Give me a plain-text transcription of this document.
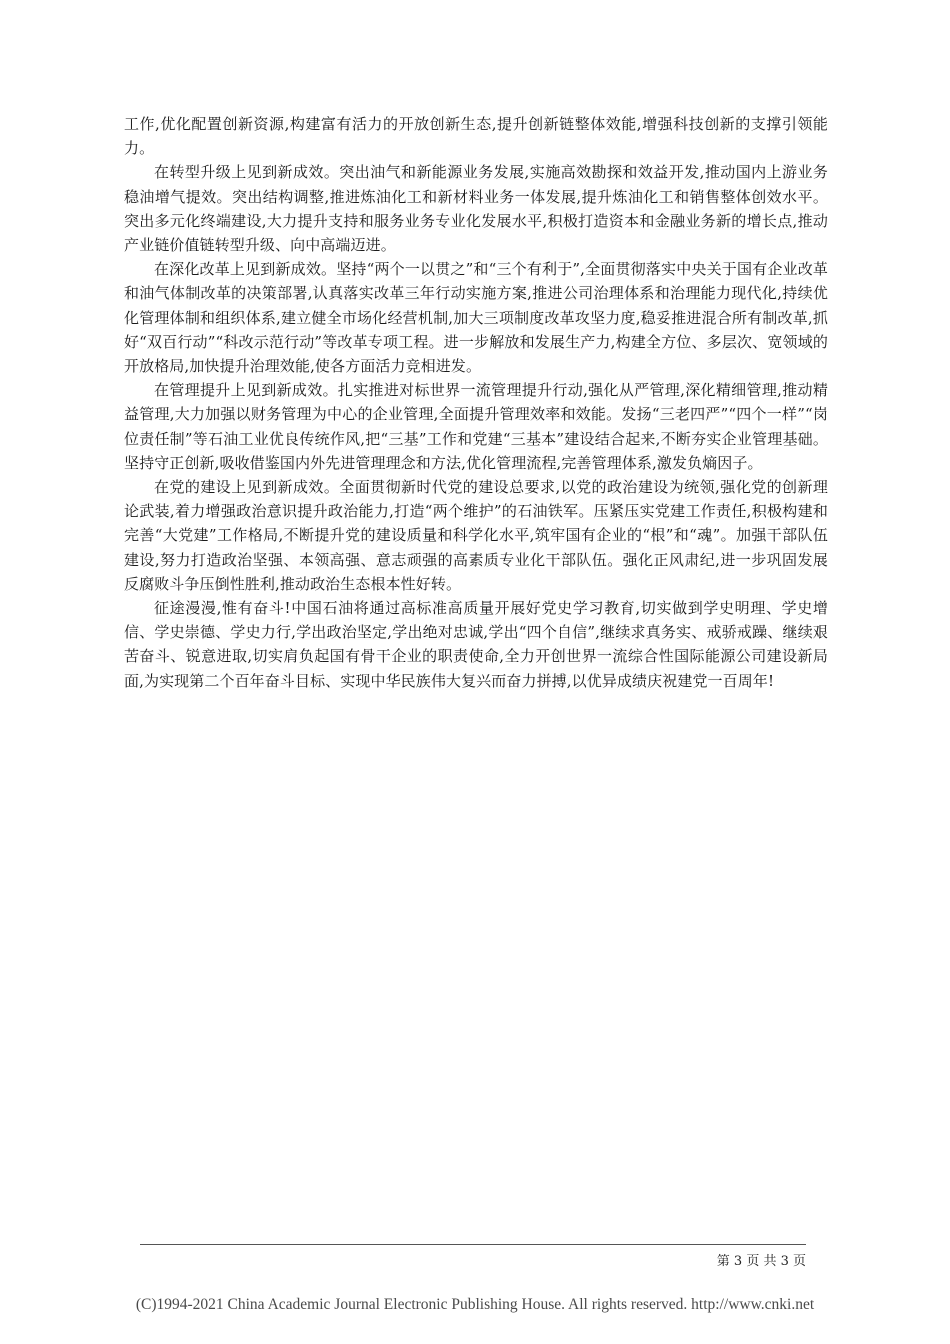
工作,优化配置创新资源,构建富有活力的开放创新生态,提升创新链整体效能,增强科技创新的支撑引领能力。

在转型升级上见到新成效。突出油气和新能源业务发展,实施高效勘探和效益开发,推动国内上游业务稳油增气提效。突出结构调整,推进炼油化工和新材料业务一体发展,提升炼油化工和销售整体创效水平。突出多元化终端建设,大力提升支持和服务业务专业化发展水平,积极打造资本和金融业务新的增长点,推动产业链价值链转型升级、向中高端迈进。

在深化改革上见到新成效。坚持“两个一以贯之”和“三个有利于”,全面贯彻落实中央关于国有企业改革和油气体制改革的决策部署,认真落实改革三年行动实施方案,推进公司治理体系和治理能力现代化,持续优化管理体制和组织体系,建立健全市场化经营机制,加大三项制度改革攻坚力度,稳妥推进混合所有制改革,抓好“双百行动”“科改示范行动”等改革专项工程。进一步解放和发展生产力,构建全方位、多层次、宽领域的开放格局,加快提升治理效能,使各方面活力竞相进发。

在管理提升上见到新成效。扎实推进对标世界一流管理提升行动,强化从严管理,深化精细管理,推动精益管理,大力加强以财务管理为中心的企业管理,全面提升管理效率和效能。发扬“三老四严”“四个一样”“岗位责任制”等石油工业优良传统作风,把“三基”工作和党建“三基本”建设结合起来,不断夯实企业管理基础。坚持守正创新,吸收借鉴国内外先进管理理念和方法,优化管理流程,完善管理体系,激发负熵因子。

在党的建设上见到新成效。全面贯彻新时代党的建设总要求,以党的政治建设为统领,强化党的创新理论武装,着力增强政治意识提升政治能力,打造“两个维护”的石油铁军。压紧压实党建工作责任,积极构建和完善“大党建”工作格局,不断提升党的建设质量和科学化水平,筑牢国有企业的“根”和“魂”。加强干部队伍建设,努力打造政治坚强、本领高强、意志顽强的高素质专业化干部队伍。强化正风肃纪,进一步巩固发展反腐败斗争压倒性胜利,推动政治生态根本性好转。

征途漫漫,惟有奋斗!中国石油将通过高标准高质量开展好党史学习教育,切实做到学史明理、学史增信、学史崇德、学史力行,学出政治坚定,学出绝对忠诚,学出“四个自信”,继续求真务实、戒骄戒躁、继续艰苦奋斗、锐意进取,切实肩负起国有骨干企业的职责使命,全力开创世界一流综合性国际能源公司建设新局面,为实现第二个百年奋斗目标、实现中华民族伟大复兴而奋力拼搏,以优异成绩庆祝建党一百周年!

第 3 页 共 3 页
(C)1994-2021 China Academic Journal Electronic Publishing House. All rights reserved. http://www.cnki.net
